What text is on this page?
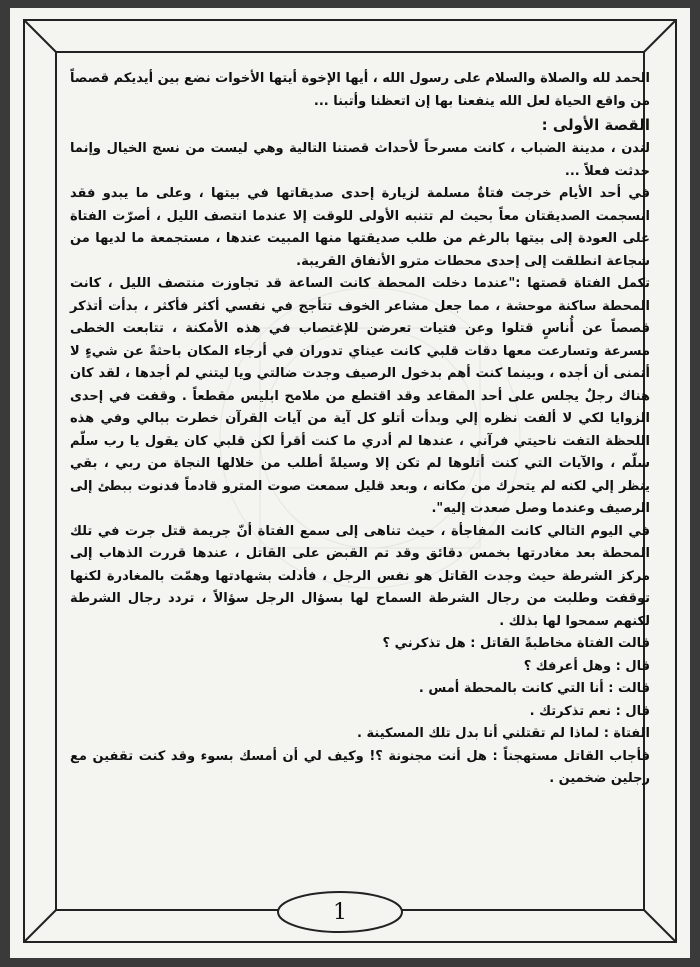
الحمد لله والصلاة والسلام على رسول الله ، أيها الإخوة أيتها الأخوات نضع بين أيديكم قصصاً من واقع الحياة لعل الله ينفعنا بها إن اتعظنا وأتبنا ...

القصة الأولى :

لندن ، مدينة الضباب ، كانت مسرحاً لأحداث قصتنا التالية وهي ليست من نسج الخيال وإنما حدثت فعلاً ...

في أحد الأيام خرجت فتاةٌ مسلمة لزيارة إحدى صديقاتها في بيتها ، وعلى ما يبدو فقد انسجمت الصديقتان معاً بحيث لم تتنبه الأولى للوقت إلا عندما انتصف الليل ، أصرّت الفتاة على العودة إلى بيتها بالرغم من طلب صديقتها منها المبيت عندها ، مستجمعة ما لديها من شجاعة انطلقت إلى إحدى محطات مترو الأنفاق القريبة.

تكمل الفتاة قصتها :"عندما دخلت المحطة كانت الساعة قد تجاوزت منتصف الليل ، كانت المحطة ساكنة موحشة ، مما جعل مشاعر الخوف تتأجج في نفسي أكثر فأكثر ، بدأت أتذكر قصصاً عن أُناسٍ قتلوا وعن فتيات تعرضن للإغتصاب في هذه الأمكنة ، تتابعت الخطى مسرعة وتسارعت معها دقات قلبي كانت عيناي تدوران في أرجاء المكان باحثةً عن شيءٍ لا أتمنى أن أجده ، وبينما كنت أهم بدخول الرصيف وجدت ضالتي ويا ليتني لم أجدها ، لقد كان هناك رجلٌ يجلس على أحد المقاعد وقد اقتطع من ملامح ابليس مقطعاً . وقفت في إحدى الزوايا لكي لا ألفت نظره إلي وبدأت أتلو كل آية من آيات القرآن خطرت ببالي وفي هذه اللحظة التفت ناحيتي فرآني ، عندها لم أدري ما كنت أقرأ لكن قلبي كان يقول يا رب سلّم سلّم ، والآيات التي كنت أتلوها لم تكن إلا وسيلةً أطلب من خلالها النجاة من ربي ، بقي ينظر إلي لكنه لم يتحرك من مكانه ، وبعد قليل سمعت صوت المترو قادماً فدنوت ببطئ إلى الرصيف وعندما وصل صعدت إليه".

في اليوم التالي كانت المفاجأة ، حيث تناهى إلى سمع الفتاة أنّ جريمة قتل جرت في تلك المحطة بعد مغادرتها بخمس دقائق وقد تم القبض على القاتل ، عندها قررت الذهاب إلى مركز الشرطة حيث وجدت القاتل هو نفس الرجل ، فأدلت بشهادتها وهمّت بالمغادرة لكنها توقفت وطلبت من رجال الشرطة السماح لها بسؤال الرجل سؤالاً ، تردد رجال الشرطة لكنهم سمحوا لها بذلك .

قالت الفتاة مخاطبةً القاتل : هل تذكرني ؟

قال : وهل أعرفك ؟

قالت : أنا التي كانت بالمحطة أمس .

قال : نعم تذكرتك .

الفتاة : لماذا لم تقتلني أنا بدل تلك المسكينة .

فأجاب القاتل مستهجناً : هل أنت مجنونة ؟! وكيف لي أن أمسك بسوء وقد كنت تقفين مع رجلين ضخمين .

1
